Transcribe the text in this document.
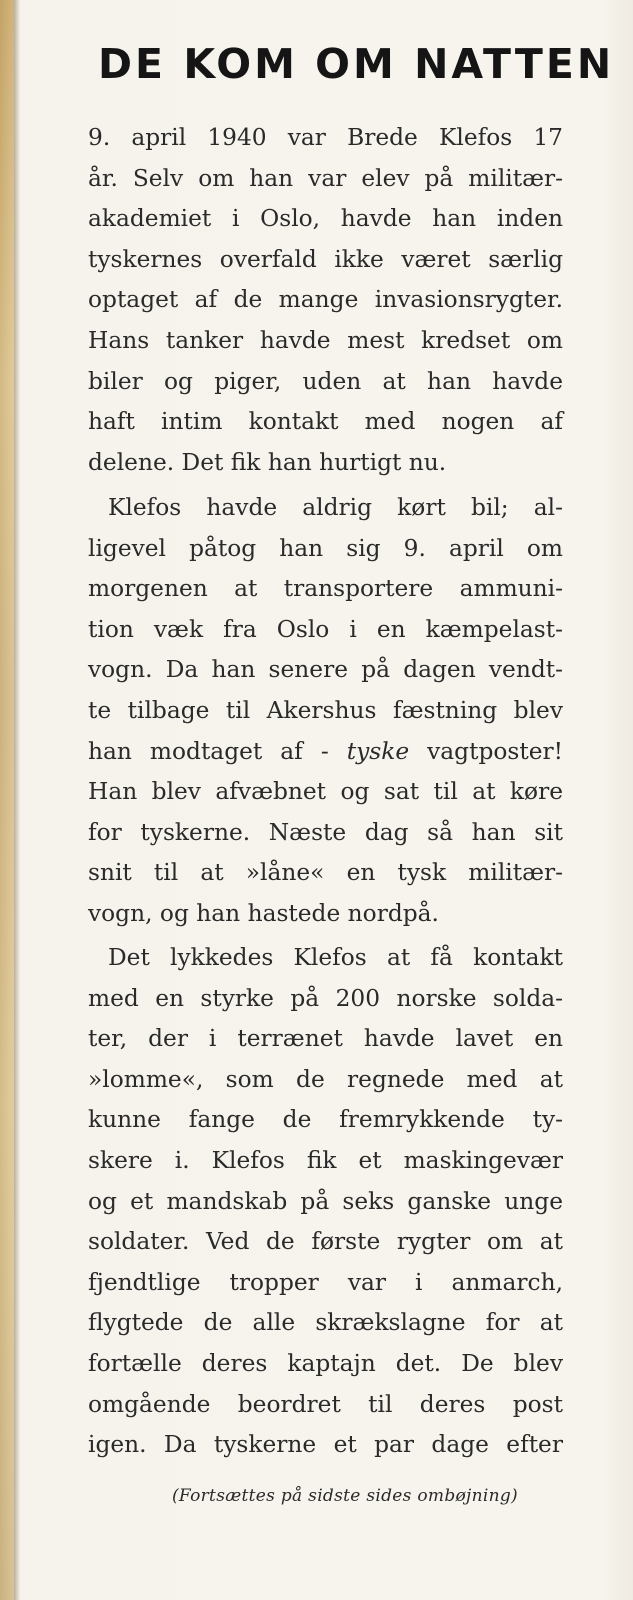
DE KOM OM NATTEN
9. april 1940 var Brede Klefos 17
år. Selv om han var elev på militær-
akademiet i Oslo, havde han inden
tyskernes overfald ikke været særlig
optaget af de mange invasionsrygter.
Hans tanker havde mest kredset om
biler og piger, uden at han havde
haft intim kontakt med nogen af
delene. Det fik han hurtigt nu.
Klefos havde aldrig kørt bil; al-
ligevel påtog han sig 9. april om
morgenen at transportere ammuni-
tion væk fra Oslo i en kæmpelast-
vogn. Da han senere på dagen vendt-
te tilbage til Akershus fæstning blev
han modtaget af - tyske vagtposter!
Han blev afvæbnet og sat til at køre
for tyskerne. Næste dag så han sit
snit til at »låne« en tysk militær-
vogn, og han hastede nordpå.
Det lykkedes Klefos at få kontakt
med en styrke på 200 norske solda-
ter, der i terrænet havde lavet en
»lomme«, som de regnede med at
kunne fange de fremrykkende ty-
skere i. Klefos fik et maskingevær
og et mandskab på seks ganske unge
soldater. Ved de første rygter om at
fjendtlige tropper var i anmarch,
flygtede de alle skrækslagne for at
fortælle deres kaptajn det. De blev
omgående beordret til deres post
igen. Da tyskerne et par dage efter
(Fortsættes på sidste sides ombøjning)
